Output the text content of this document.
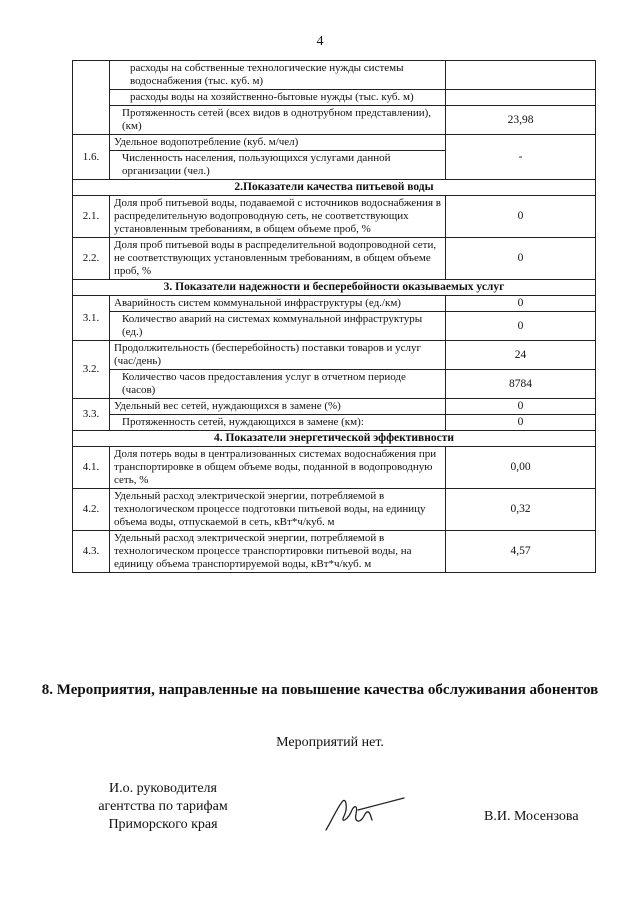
4
	расходы на собственные технологические нужды системы водоснабжения (тыс. куб. м)	
	расходы воды на хозяйственно-бытовые нужды (тыс. куб. м)	
	Протяженность сетей (всех видов в однотрубном представлении), (км)	23,98
1.6.	Удельное водопотребление (куб. м/чел)	-
	Численность населения, пользующихся услугами данной организации (чел.)	
2.Показатели качества питьевой воды		
2.1.	Доля проб питьевой воды, подаваемой с источников водоснабжения в распределительную водопроводную сеть, не соответствующих установленным требованиям, в общем объеме проб, %	0
2.2.	Доля проб питьевой воды в распределительной водопроводной сети, не соответствующих установленным требованиям, в общем объеме проб, %	0
3. Показатели надежности и бесперебойности оказываемых услуг		
3.1.	Аварийность систем коммунальной инфраструктуры (ед./км)	0
	Количество аварий на системах коммунальной инфраструктуры (ед.)	0
3.2.	Продолжительность (бесперебойность) поставки товаров и услуг (час/день)	24
	Количество часов предоставления услуг в отчетном периоде (часов)	8784
3.3.	Удельный вес сетей, нуждающихся в замене (%)	0
	Протяженность сетей, нуждающихся в замене (км):	0
4. Показатели энергетической эффективности		
4.1.	Доля потерь воды в централизованных системах водоснабжения при транспортировке в общем объеме воды, поданной в водопроводную сеть, %	0,00
4.2.	Удельный расход электрической энергии, потребляемой в технологическом процессе подготовки питьевой воды, на единицу объема воды, отпускаемой в сеть, кВт*ч/куб. м	0,32
4.3.	Удельный расход электрической энергии, потребляемой в технологическом процессе транспортировки питьевой воды, на единицу объема транспортируемой воды, кВт*ч/куб. м	4,57
8. Мероприятия, направленные на повышение качества обслуживания абонентов
Мероприятий нет.
И.о. руководителя
агентства по тарифам
Приморского края
В.И. Мосензова
